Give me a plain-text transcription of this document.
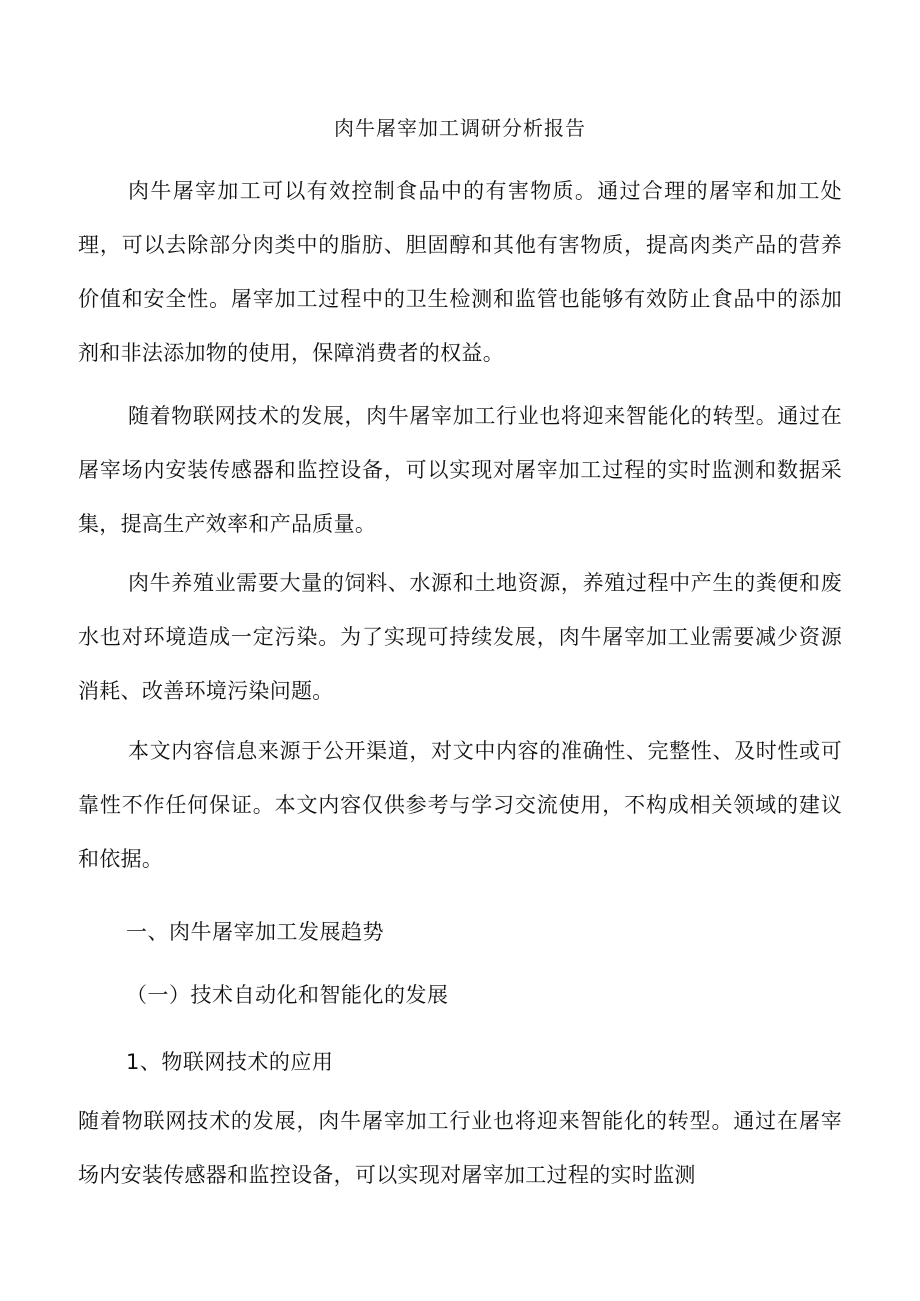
肉牛屠宰加工调研分析报告

肉牛屠宰加工可以有效控制食品中的有害物质。通过合理的屠宰和加工处理，可以去除部分肉类中的脂肪、胆固醇和其他有害物质，提高肉类产品的营养价值和安全性。屠宰加工过程中的卫生检测和监管也能够有效防止食品中的添加剂和非法添加物的使用，保障消费者的权益。

随着物联网技术的发展，肉牛屠宰加工行业也将迎来智能化的转型。通过在屠宰场内安装传感器和监控设备，可以实现对屠宰加工过程的实时监测和数据采集，提高生产效率和产品质量。

肉牛养殖业需要大量的饲料、水源和土地资源，养殖过程中产生的粪便和废水也对环境造成一定污染。为了实现可持续发展，肉牛屠宰加工业需要减少资源消耗、改善环境污染问题。

本文内容信息来源于公开渠道，对文中内容的准确性、完整性、及时性或可靠性不作任何保证。本文内容仅供参考与学习交流使用，不构成相关领域的建议和依据。

一、肉牛屠宰加工发展趋势
（一）技术自动化和智能化的发展
1、物联网技术的应用

随着物联网技术的发展，肉牛屠宰加工行业也将迎来智能化的转型。通过在屠宰场内安装传感器和监控设备，可以实现对屠宰加工过程的实时监测
